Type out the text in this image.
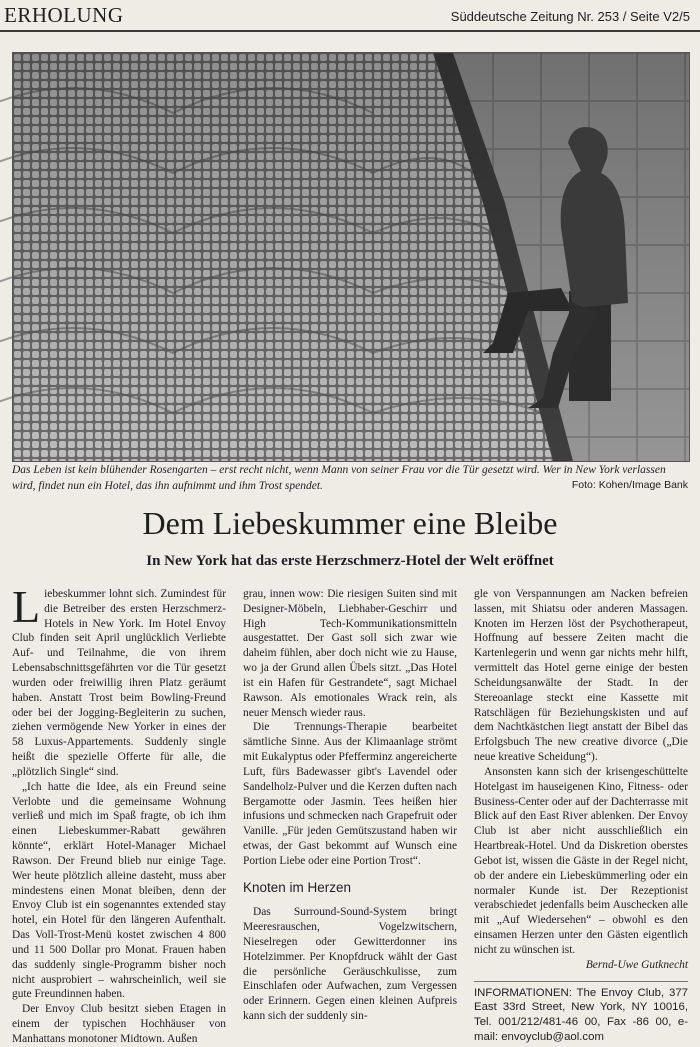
ERHOLUNG	Süddeutsche Zeitung Nr. 253 / Seite V2/5
Das Leben ist kein blühender Rosengarten – erst recht nicht, wenn Mann von seiner Frau vor die Tür gesetzt wird. Wer in New York verlassen wird, findet nun ein Hotel, das ihn aufnimmt und ihm Trost spendet.	Foto: Kohen/Image Bank
Dem Liebeskummer eine Bleibe
In New York hat das erste Herzschmerz-Hotel der Welt eröffnet

Liebeskummer lohnt sich. Zumindest für die Betreiber des ersten Herzschmerz-Hotels in New York. Im Hotel Envoy Club finden seit April unglücklich Verliebte Auf- und Teilnahme, die von ihrem Lebensabschnittsgefährten vor die Tür gesetzt wurden oder freiwillig ihren Platz geräumt haben. Anstatt Trost beim Bowling-Freund oder bei der Jogging-Begleiterin zu suchen, ziehen vermögende New Yorker in eines der 58 Luxus-Appartements. Suddenly single heißt die spezielle Offerte für alle, die „plötzlich Single“ sind.

„Ich hatte die Idee, als ein Freund seine Verlobte und die gemeinsame Wohnung verließ und mich im Spaß fragte, ob ich ihm einen Liebeskummer-Rabatt gewähren könnte“, erklärt Hotel-Manager Michael Rawson. Der Freund blieb nur einige Tage. Wer heute plötzlich alleine dasteht, muss aber mindestens einen Monat bleiben, denn der Envoy Club ist ein sogenanntes extended stay hotel, ein Hotel für den längeren Aufenthalt. Das Voll-Trost-Menü kostet zwischen 4 800 und 11 500 Dollar pro Monat. Frauen haben das suddenly single-Programm bisher noch nicht ausprobiert – wahrscheinlich, weil sie gute Freundinnen haben.

Der Envoy Club besitzt sieben Etagen in einem der typischen Hochhäuser von Manhattans monotoner Midtown. Außen

grau, innen wow: Die riesigen Suiten sind mit Designer-Möbeln, Liebhaber-Geschirr und High Tech-Kommunikationsmitteln ausgestattet. Der Gast soll sich zwar wie daheim fühlen, aber doch nicht wie zu Hause, wo ja der Grund allen Übels sitzt. „Das Hotel ist ein Hafen für Gestrandete“, sagt Michael Rawson. Als emotionales Wrack rein, als neuer Mensch wieder raus.

Die Trennungs-Therapie bearbeitet sämtliche Sinne. Aus der Klimaanlage strömt mit Eukalyptus oder Pfefferminz angereicherte Luft, fürs Badewasser gibt's Lavendel oder Sandelholz-Pulver und die Kerzen duften nach Bergamotte oder Jasmin. Tees heißen hier infusions und schmecken nach Grapefruit oder Vanille. „Für jeden Gemütszustand haben wir etwas, der Gast bekommt auf Wunsch eine Portion Liebe oder eine Portion Trost“.

Knoten im Herzen

Das Surround-Sound-System bringt Meeresrauschen, Vogelzwitschern, Nieselregen oder Gewitterdonner ins Hotelzimmer. Per Knopfdruck wählt der Gast die persönliche Geräuschkulisse, zum Einschlafen oder Aufwachen, zum Vergessen oder Erinnern. Gegen einen kleinen Aufpreis kann sich der suddenly sin-

gle von Verspannungen am Nacken befreien lassen, mit Shiatsu oder anderen Massagen. Knoten im Herzen löst der Psychotherapeut, Hoffnung auf bessere Zeiten macht die Kartenlegerin und wenn gar nichts mehr hilft, vermittelt das Hotel gerne einige der besten Scheidungsanwälte der Stadt. In der Stereoanlage steckt eine Kassette mit Ratschlägen für Beziehungskisten und auf dem Nachtkästchen liegt anstatt der Bibel das Erfolgsbuch The new creative divorce („Die neue kreative Scheidung“).

Ansonsten kann sich der krisengeschüttelte Hotelgast im hauseigenen Kino, Fitness- oder Business-Center oder auf der Dachterrasse mit Blick auf den East River ablenken. Der Envoy Club ist aber nicht ausschließlich ein Heartbreak-Hotel. Und da Diskretion oberstes Gebot ist, wissen die Gäste in der Regel nicht, ob der andere ein Liebeskümmerling oder ein normaler Kunde ist. Der Rezeptionist verabschiedet jedenfalls beim Auschecken alle mit „Auf Wiedersehen“ – obwohl es den einsamen Herzen unter den Gästen eigentlich nicht zu wünschen ist.

Bernd-Uwe Gutknecht

INFORMATIONEN: The Envoy Club, 377 East 33rd Street, New York, NY 10016, Tel. 001/212/481-46 00, Fax -86 00, e-mail: envoyclub@aol.com
